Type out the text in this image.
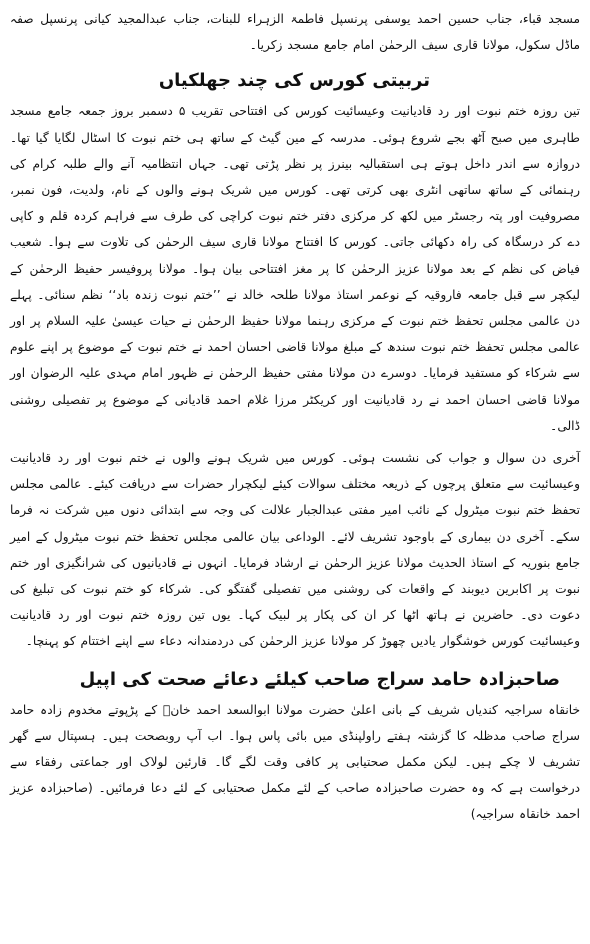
مسجد قباء، جناب حسین احمد یوسفی پرنسپل فاطمۃ الزہراء للبنات، جناب عبدالمجید کیانی پرنسپل صفہ ماڈل سکول، مولانا قاری سیف الرحمٰن امام جامع مسجد زکریا۔

تربیتی کورس کی چند جھلکیاں

تین روزہ ختم نبوت اور رد قادیانیت وعیسائیت کورس کی افتتاحی تقریب ۵ دسمبر بروز جمعہ جامع مسجد طاہری میں صبح آٹھ بجے شروع ہوئی۔ مدرسہ کے مین گیٹ کے ساتھ ہی ختم نبوت کا اسٹال لگایا گیا تھا۔ دروازہ سے اندر داخل ہوتے ہی استقبالیہ بینرز پر نظر پڑتی تھی۔ جہاں انتظامیہ آنے والے طلبہ کرام کی رہنمائی کے ساتھ ساتھی انٹری بھی کرتی تھی۔ کورس میں شریک ہونے والوں کے نام، ولدیت، فون نمبر، مصروفیت اور پتہ رجسٹر میں لکھ کر مرکزی دفتر ختم نبوت کراچی کی طرف سے فراہم کردہ قلم و کاپی دے کر درسگاہ کی راہ دکھائی جاتی۔ کورس کا افتتاح مولانا قاری سیف الرحمٰن کی تلاوت سے ہوا۔ شعیب فیاض کی نظم کے بعد مولانا عزیز الرحمٰن کا پر مغز افتتاحی بیان ہوا۔ مولانا پروفیسر حفیظ الرحمٰن کے لیکچر سے قبل جامعہ فاروقیہ کے نوعمر استاذ مولانا طلحہ خالد نے ’’ختم نبوت زندہ باد‘‘ نظم سنائی۔ پہلے دن عالمی مجلس تحفظ ختم نبوت کے مرکزی رہنما مولانا حفیظ الرحمٰن نے حیات عیسیٰ علیہ السلام پر اور عالمی مجلس تحفظ ختم نبوت سندھ کے مبلغ مولانا قاضی احسان احمد نے ختم نبوت کے موضوع پر اپنے علوم سے شرکاء کو مستفید فرمایا۔ دوسرے دن مولانا مفتی حفیظ الرحمٰن نے ظہور امام مہدی علیہ الرضوان اور مولانا قاضی احسان احمد نے رد قادیانیت اور کریکٹر مرزا غلام احمد قادیانی کے موضوع پر تفصیلی روشنی ڈالی۔

آخری دن سوال و جواب کی نشست ہوئی۔ کورس میں شریک ہونے والوں نے ختم نبوت اور رد قادیانیت وعیسائیت سے متعلق پرچوں کے ذریعہ مختلف سوالات کیئے لیکچرار حضرات سے دریافت کیئے۔ عالمی مجلس تحفظ ختم نبوت میٹرول کے نائب امیر مفتی عبدالجبار علالت کی وجہ سے ابتدائی دنوں میں شرکت نہ فرما سکے۔ آخری دن بیماری کے باوجود تشریف لائے۔ الوداعی بیان عالمی مجلس تحفظ ختم نبوت میٹرول کے امیر جامع بنوریہ کے استاذ الحدیث مولانا عزیز الرحمٰن نے ارشاد فرمایا۔ انہوں نے قادیانیوں کی شرانگیزی اور ختم نبوت پر اکابرین دیوبند کے واقعات کی روشنی میں تفصیلی گفتگو کی۔ شرکاء کو ختم نبوت کی تبلیغ کی دعوت دی۔ حاضرین نے ہاتھ اٹھا کر ان کی پکار پر لبیک کہا۔ یوں تین روزہ ختم نبوت اور رد قادیانیت وعیسائیت کورس خوشگوار یادیں چھوڑ کر مولانا عزیز الرحمٰن کی دردمندانہ دعاء سے اپنے اختتام کو پہنچا۔

صاحبزادہ حامد سراج صاحب کیلئے دعائے صحت کی اپیل

خانقاہ سراجیہ کندیاں شریف کے بانی اعلیٰ حضرت مولانا ابوالسعد احمد خانؒ کے پڑپوتے مخدوم زادہ حامد سراج صاحب مدظلہ کا گزشتہ ہفتے راولپنڈی میں بائی پاس ہوا۔ اب آپ روبصحت ہیں۔ ہسپتال سے گھر تشریف لا چکے ہیں۔ لیکن مکمل صحتیابی پر کافی وقت لگے گا۔ قارئین لولاک اور جماعتی رفقاء سے درخواست ہے کہ وہ حضرت صاحبزادہ صاحب کے لئے مکمل صحتیابی کے لئے دعا فرمائیں۔ (صاحبزادہ عزیز احمد خانقاہ سراجیہ)
